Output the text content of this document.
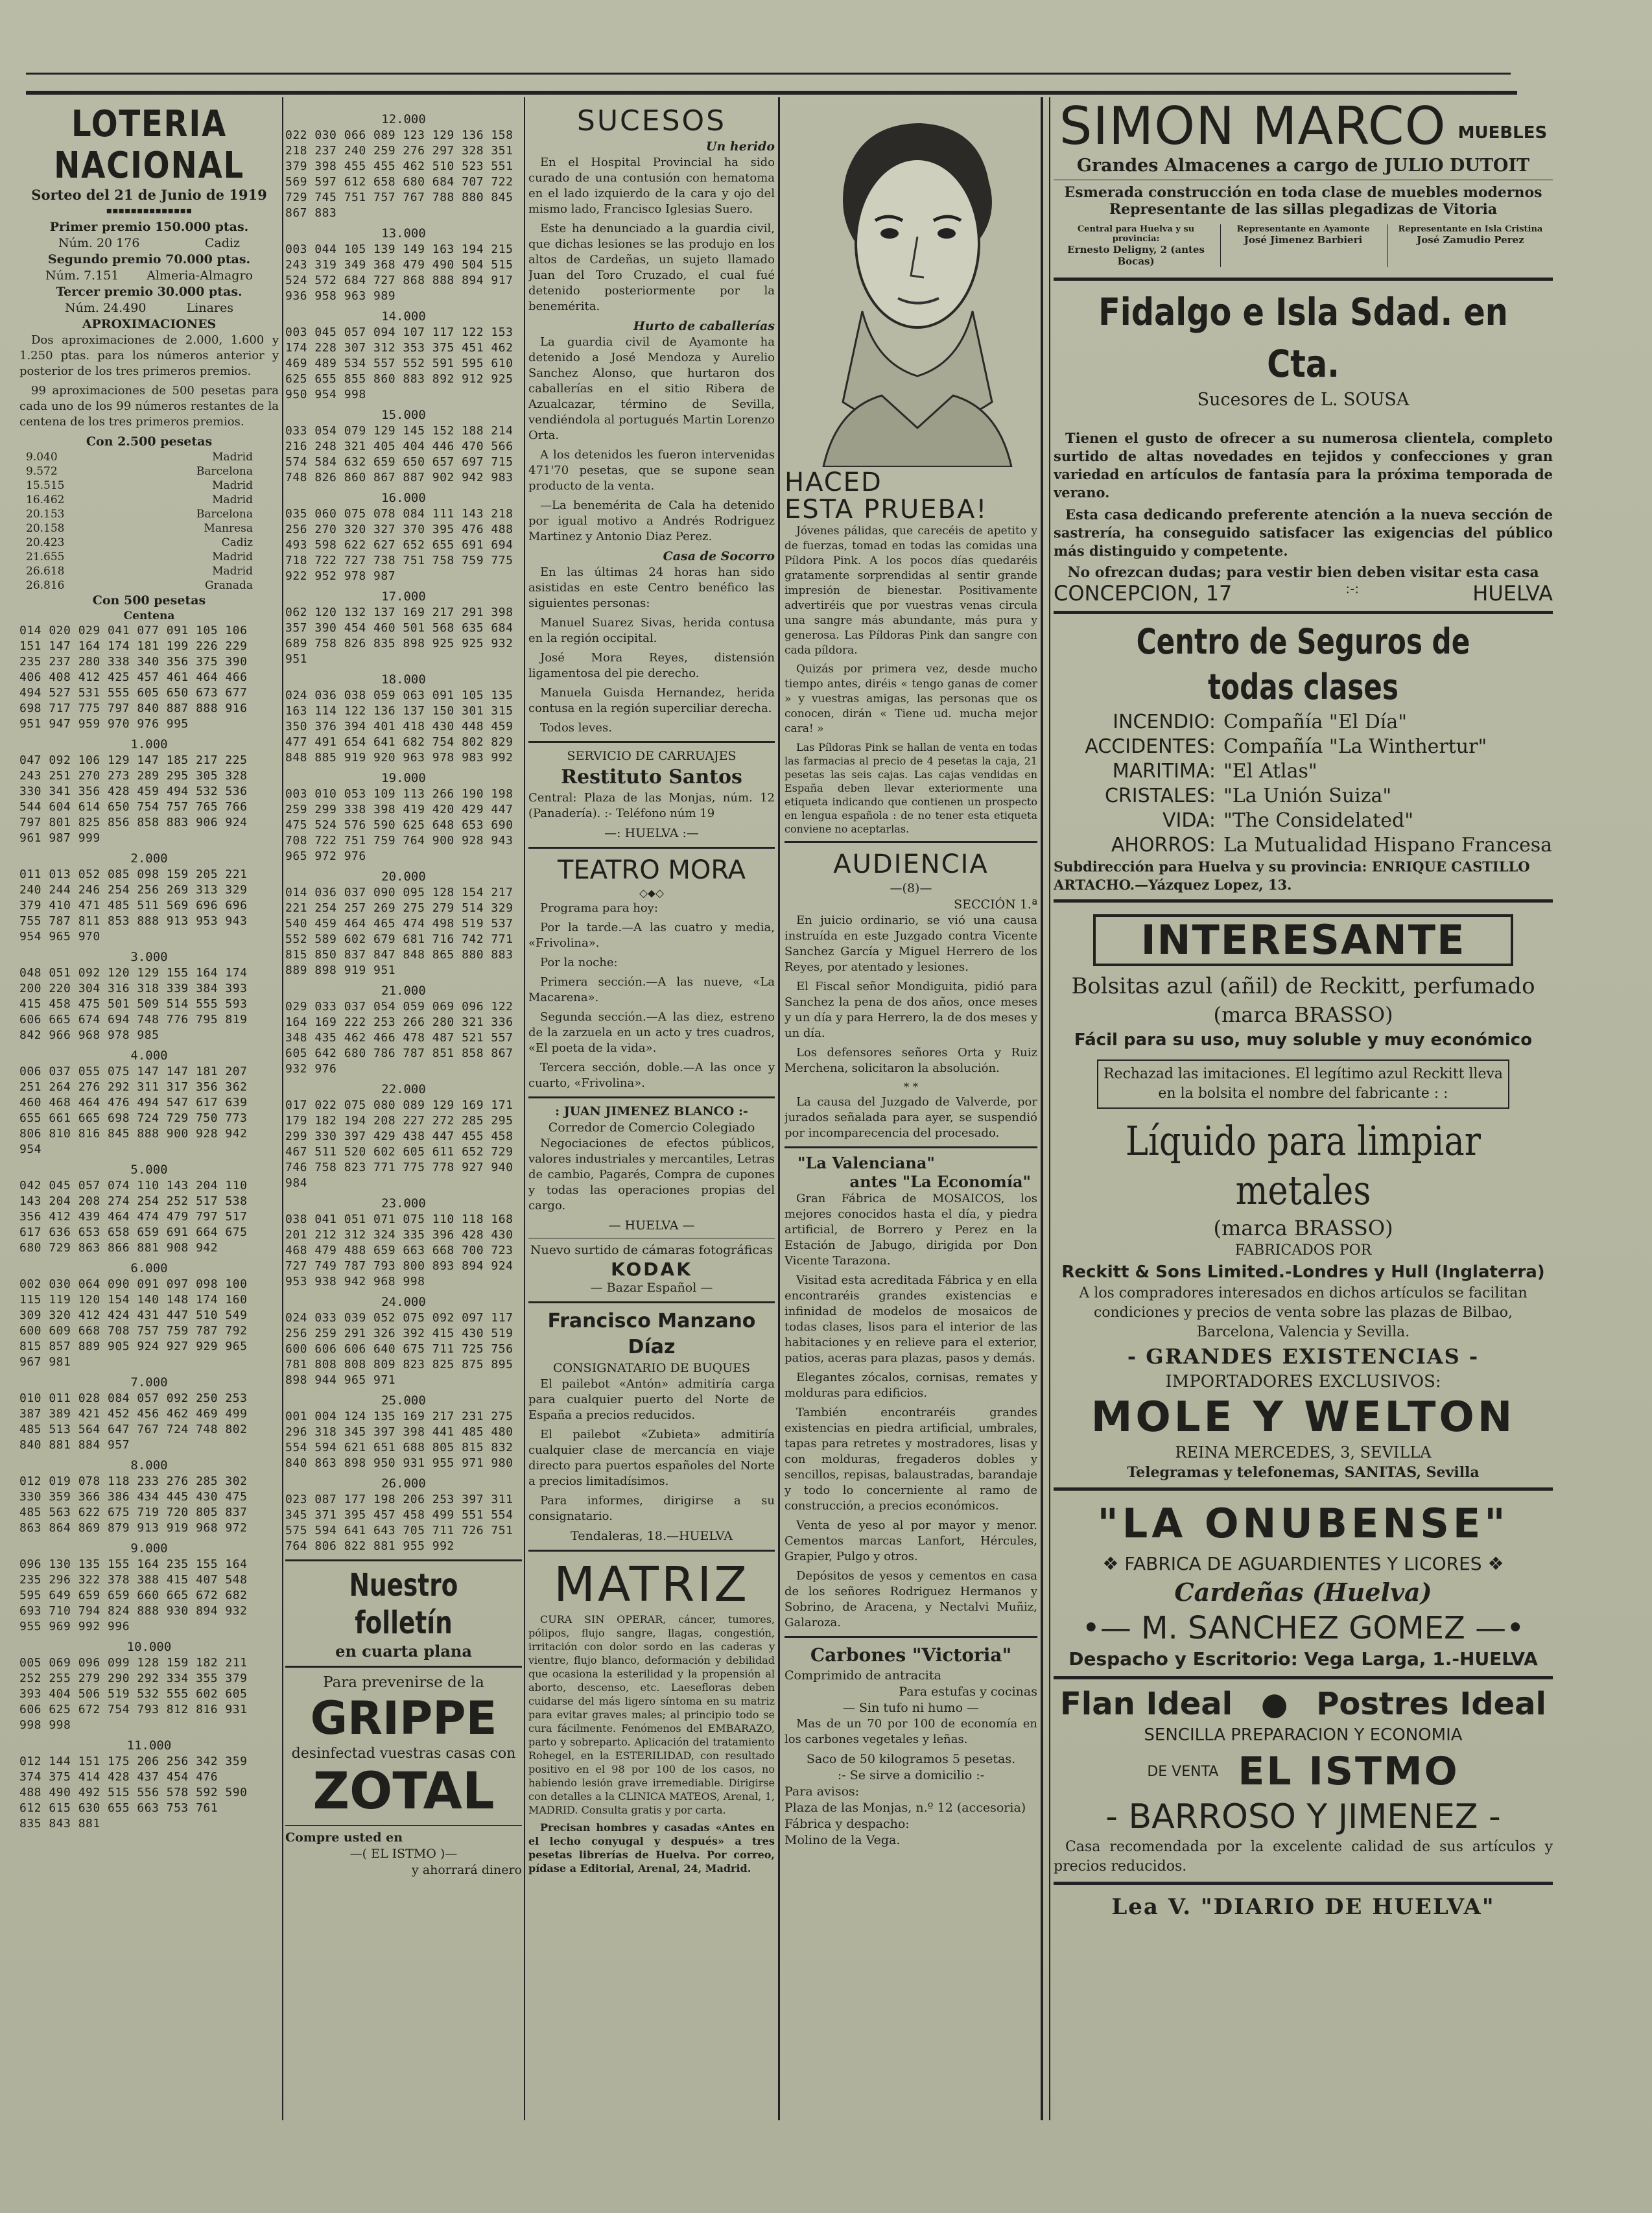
LOTERIA NACIONAL
Sorteo del 21 de Junio de 1919
▪▪▪▪▪▪▪▪▪▪▪▪▪▪
Primer premio 150.000 ptas.
Núm. 20 176	Cadiz
Segundo premio 70.000 ptas.
Núm. 7.151 Almeria-Almagro
Tercer premio 30.000 ptas.
Núm. 24.490	Linares
APROXIMACIONES
Dos aproximaciones de 2.000, 1.600 y 1.250 ptas. para los números anterior y posterior de los tres primeros premios.
99 aproximaciones de 500 pesetas para cada uno de los 99 números restantes de la centena de los tres primeros premios.
Con 2.500 pesetas
9.040	Madrid
9.572	Barcelona
15.515	Madrid
16.462	Madrid
20.153	Barcelona
20.158	Manresa
20.423	Cadiz
21.655	Madrid
26.618	Madrid
26.816	Granada
Con 500 pesetas
Centena
014 020 029 041 077 091 105 106
151 147 164 174 181 199 226 229
235 237 280 338 340 356 375 390
406 408 412 425 457 461 464 466
494 527 531 555 605 650 673 677
698 717 775 797 840 887 888 916
951 947 959 970 976 995
1.000
047 092 106 129 147 185 217 225
243 251 270 273 289 295 305 328
330 341 356 428 459 494 532 536
544 604 614 650 754 757 765 766
797 801 825 856 858 883 906 924
961 987 999
2.000
011 013 052 085 098 159 205 221
240 244 246 254 256 269 313 329
379 410 471 485 511 569 696 696
755 787 811 853 888 913 953 943
954 965 970
3.000
048 051 092 120 129 155 164 174
200 220 304 316 318 339 384 393
415 458 475 501 509 514 555 593
606 665 674 694 748 776 795 819
842 966 968 978 985
4.000
006 037 055 075 147 147 181 207
251 264 276 292 311 317 356 362
460 468 464 476 494 547 617 639
655 661 665 698 724 729 750 773
806 810 816 845 888 900 928 942
954
5.000
042 045 057 074 110 143 204 110
143 204 208 274 254 252 517 538
356 412 439 464 474 479 797 517
617 636 653 658 659 691 664 675
680 729 863 866 881 908 942
6.000
002 030 064 090 091 097 098 100
115 119 120 154 140 148 174 160
309 320 412 424 431 447 510 549
600 609 668 708 757 759 787 792
815 857 889 905 924 927 929 965
967 981
7.000
010 011 028 084 057 092 250 253
387 389 421 452 456 462 469 499
485 513 564 647 767 724 748 802
840 881 884 957
8.000
012 019 078 118 233 276 285 302
330 359 366 386 434 445 430 475
485 563 622 675 719 720 805 837
863 864 869 879 913 919 968 972
9.000
096 130 135 155 164 235 155 164
235 296 322 378 388 415 407 548
595 649 659 659 660 665 672 682
693 710 794 824 888 930 894 932
955 969 992 996
10.000
005 069 096 099 128 159 182 211
252 255 279 290 292 334 355 379
393 404 506 519 532 555 602 605
606 625 672 754 793 812 816 931
998 998
11.000
012 144 151 175 206 256 342 359
374 375 414 428 437 454 476
488 490 492 515 556 578 592 590
612 615 630 655 663 753 761
835 843 881
12.000
022 030 066 089 123 129 136 158
218 237 240 259 276 297 328 351
379 398 455 455 462 510 523 551
569 597 612 658 680 684 707 722
729 745 751 757 767 788 880 845
867 883
13.000
003 044 105 139 149 163 194 215
243 319 349 368 479 490 504 515
524 572 684 727 868 888 894 917
936 958 963 989
14.000
003 045 057 094 107 117 122 153
174 228 307 312 353 375 451 462
469 489 534 557 552 591 595 610
625 655 855 860 883 892 912 925
950 954 998
15.000
033 054 079 129 145 152 188 214
216 248 321 405 404 446 470 566
574 584 632 659 650 657 697 715
748 826 860 867 887 902 942 983
16.000
035 060 075 078 084 111 143 218
256 270 320 327 370 395 476 488
493 598 622 627 652 655 691 694
718 722 727 738 751 758 759 775
922 952 978 987
17.000
062 120 132 137 169 217 291 398
357 390 454 460 501 568 635 684
689 758 826 835 898 925 925 932
951
18.000
024 036 038 059 063 091 105 135
163 114 122 136 137 150 301 315
350 376 394 401 418 430 448 459
477 491 654 641 682 754 802 829
848 885 919 920 963 978 983 992
19.000
003 010 053 109 113 266 190 198
259 299 338 398 419 420 429 447
475 524 576 590 625 648 653 690
708 722 751 759 764 900 928 943
965 972 976
20.000
014 036 037 090 095 128 154 217
221 254 257 269 275 279 514 329
540 459 464 465 474 498 519 537
552 589 602 679 681 716 742 771
815 850 837 847 848 865 880 883
889 898 919 951
21.000
029 033 037 054 059 069 096 122
164 169 222 253 266 280 321 336
348 435 462 466 478 487 521 557
605 642 680 786 787 851 858 867
932 976
22.000
017 022 075 080 089 129 169 171
179 182 194 208 227 272 285 295
299 330 397 429 438 447 455 458
467 511 520 602 605 611 652 729
746 758 823 771 775 778 927 940
984
23.000
038 041 051 071 075 110 118 168
201 212 312 324 335 396 428 430
468 479 488 659 663 668 700 723
727 749 787 793 800 893 894 924
953 938 942 968 998
24.000
024 033 039 052 075 092 097 117
256 259 291 326 392 415 430 519
600 606 606 640 675 711 725 756
781 808 808 809 823 825 875 895
898 944 965 971
25.000
001 004 124 135 169 217 231 275
296 318 345 397 398 441 485 480
554 594 621 651 688 805 815 832
840 863 898 950 931 955 971 980
26.000
023 087 177 198 206 253 397 311
345 371 395 457 458 499 551 554
575 594 641 643 705 711 726 751
764 806 822 881 955 992
Nuestro folletín
en cuarta plana
Para prevenirse de la
GRIPPE
desinfectad vuestras casas con
ZOTAL
Compre usted en
—( EL ISTMO )—
y ahorrará dinero
SUCESOS
Un herido
En el Hospital Provincial ha sido curado de una contusión con hematoma en el lado izquierdo de la cara y ojo del mismo lado, Francisco Iglesias Suero.
Este ha denunciado a la guardia civil, que dichas lesiones se las produjo en los altos de Cardeñas, un sujeto llamado Juan del Toro Cruzado, el cual fué detenido posteriormente por la benemérita.
Hurto de caballerías
La guardia civil de Ayamonte ha detenido a José Mendoza y Aurelio Sanchez Alonso, que hurtaron dos caballerías en el sitio Ribera de Azualcazar, término de Sevilla, vendiéndola al portugués Martin Lorenzo Orta.
A los detenidos les fueron intervenidas 471'70 pesetas, que se supone sean producto de la venta.
—La benemérita de Cala ha detenido por igual motivo a Andrés Rodriguez Martinez y Antonio Diaz Perez.
Casa de Socorro
En las últimas 24 horas han sido asistidas en este Centro benéfico las siguientes personas:
Manuel Suarez Sivas, herida contusa en la región occipital.
José Mora Reyes, distensión ligamentosa del pie derecho.
Manuela Guisda Hernandez, herida contusa en la región superciliar derecha.
Todos leves.
SERVICIO DE CARRUAJES
Restituto Santos
Central: Plaza de las Monjas, núm. 12 (Panadería). :- Teléfono núm 19
—: HUELVA :—
TEATRO MORA
◇⬥◇
Programa para hoy:
Por la tarde.—A las cuatro y media, «Frivolina».
Por la noche:
Primera sección.—A las nueve, «La Macarena».
Segunda sección.—A las diez, estreno de la zarzuela en un acto y tres cuadros, «El poeta de la vida».
Tercera sección, doble.—A las once y cuarto, «Frivolina».
: JUAN JIMENEZ BLANCO :-
Corredor de Comercio Colegiado
Negociaciones de efectos públicos, valores industriales y mercantiles, Letras de cambio, Pagarés, Compra de cupones y todas las operaciones propias del cargo.
— HUELVA —
Nuevo surtido de cámaras fotográficas
KODAK
— Bazar Español —
Francisco Manzano Díaz
CONSIGNATARIO DE BUQUES
El pailebot «Antón» admitiría carga para cualquier puerto del Norte de España a precios reducidos.
El pailebot «Zubieta» admitiría cualquier clase de mercancía en viaje directo para puertos españoles del Norte a precios limitadísimos.
Para informes, dirigirse a su consignatario.
Tendaleras, 18.—HUELVA
MATRIZ
CURA SIN OPERAR, cáncer, tumores, pólipos, flujo sangre, llagas, congestión, irritación con dolor sordo en las caderas y vientre, flujo blanco, deformación y debilidad que ocasiona la esterilidad y la propensión al aborto, descenso, etc. Laesefloras deben cuidarse del más ligero síntoma en su matriz para evitar graves males; al principio todo se cura fácilmente. Fenómenos del EMBARAZO, parto y sobreparto. Aplicación del tratamiento Rohegel, en la ESTERILIDAD, con resultado positivo en el 98 por 100 de los casos, no habiendo lesión grave irremediable. Dirigirse con detalles a la CLINICA MATEOS, Arenal, 1, MADRID. Consulta gratis y por carta.
Precisan hombres y casadas «Antes en el lecho conyugal y después» a tres pesetas librerías de Huelva. Por correo, pídase a Editorial, Arenal, 24, Madrid.
HACED
ESTA PRUEBA!
Jóvenes pálidas, que carecéis de apetito y de fuerzas, tomad en todas las comidas una Píldora Pink. A los pocos días quedaréis gratamente sorprendidas al sentir grande impresión de bienestar. Positivamente advertiréis que por vuestras venas circula una sangre más abundante, más pura y generosa. Las Píldoras Pink dan sangre con cada píldora.
Quizás por primera vez, desde mucho tiempo antes, diréis « tengo ganas de comer » y vuestras amigas, las personas que os conocen, dirán « Tiene ud. mucha mejor cara! »
Las Píldoras Pink se hallan de venta en todas las farmacias al precio de 4 pesetas la caja, 21 pesetas las seis cajas. Las cajas vendidas en España deben llevar exteriormente una etiqueta indicando que contienen un prospecto en lengua española : de no tener esta etiqueta conviene no aceptarlas.
AUDIENCIA
—(8)—
SECCIÓN 1.ª
En juicio ordinario, se vió una causa instruída en este Juzgado contra Vicente Sanchez García y Miguel Herrero de los Reyes, por atentado y lesiones.
El Fiscal señor Mondiguita, pidió para Sanchez la pena de dos años, once meses y un día y para Herrero, la de dos meses y un día.
Los defensores señores Orta y Ruiz Merchena, solicitaron la absolución.
* *
La causa del Juzgado de Valverde, por jurados señalada para ayer, se suspendió por incomparecencia del procesado.
"La Valenciana"
antes "La Economía"
Gran Fábrica de MOSAICOS, los mejores conocidos hasta el día, y piedra artificial, de Borrero y Perez en la Estación de Jabugo, dirigida por Don Vicente Tarazona.
Visitad esta acreditada Fábrica y en ella encontraréis grandes existencias e infinidad de modelos de mosaicos de todas clases, lisos para el interior de las habitaciones y en relieve para el exterior, patios, aceras para plazas, pasos y demás.
Elegantes zócalos, cornisas, remates y molduras para edificios.
También encontraréis grandes existencias en piedra artificial, umbrales, tapas para retretes y mostradores, lisas y con molduras, fregaderos dobles y sencillos, repisas, balaustradas, barandaje y todo lo concerniente al ramo de construcción, a precios económicos.
Venta de yeso al por mayor y menor. Cementos marcas Lanfort, Hércules, Grapier, Pulgo y otros.
Depósitos de yesos y cementos en casa de los señores Rodriguez Hermanos y Sobrino, de Aracena, y Nectalvi Muñiz, Galaroza.
Carbones "Victoria"
Comprimido de antracita
Para estufas y cocinas
— Sin tufo ni humo —
Mas de un 70 por 100 de economía en los carbones vegetales y leñas.
Saco de 50 kilogramos 5 pesetas.
:- Se sirve a domicilio :-
Para avisos:
Plaza de las Monjas, n.º 12 (accesoria)
Fábrica y despacho:
Molino de la Vega.
SIMON MARCO MUEBLES
Grandes Almacenes a cargo de JULIO DUTOIT
Esmerada construcción en toda clase de muebles modernos
Representante de las sillas plegadizas de Vitoria
Central para Huelva y su provincia:
Ernesto Deligny, 2 (antes Bocas)
Representante en Ayamonte
José Jimenez Barbieri
Representante en Isla Cristina
José Zamudio Perez
Fidalgo e Isla Sdad. en Cta.
Sucesores de L. SOUSA
Tienen el gusto de ofrecer a su numerosa clientela, completo surtido de altas novedades en tejidos y confecciones y gran variedad en artículos de fantasía para la próxima temporada de verano.
Esta casa dedicando preferente atención a la nueva sección de sastrería, ha conseguido satisfacer las exigencias del público más distinguido y competente.
No ofrezcan dudas; para vestir bien deben visitar esta casa
CONCEPCION, 17	:-:	HUELVA
Centro de Seguros de todas clases
INCENDIO: Compañía "El Día"
ACCIDENTES: Compañía "La Winthertur"
MARITIMA: "El Atlas"
CRISTALES: "La Unión Suiza"
VIDA: "The Considelated"
AHORROS: La Mutualidad Hispano Francesa
Subdirección para Huelva y su provincia: ENRIQUE CASTILLO ARTACHO.—Yázquez Lopez, 13.
INTERESANTE
Bolsitas azul (añil) de Reckitt, perfumado
(marca BRASSO)
Fácil para su uso, muy soluble y muy económico
Rechazad las imitaciones. El legítimo azul Reckitt lleva en la bolsita el nombre del fabricante : :
Líquido para limpiar metales
(marca BRASSO)
FABRICADOS POR
Reckitt & Sons Limited.-Londres y Hull (Inglaterra)
A los compradores interesados en dichos artículos se facilitan condiciones y precios de venta sobre las plazas de Bilbao, Barcelona, Valencia y Sevilla.
- GRANDES EXISTENCIAS -
IMPORTADORES EXCLUSIVOS:
MOLE Y WELTON
REINA MERCEDES, 3, SEVILLA
Telegramas y telefonemas, SANITAS, Sevilla
"LA ONUBENSE"
❖ FABRICA DE AGUARDIENTES Y LICORES ❖
Cardeñas (Huelva)
•— M. SANCHEZ GOMEZ —•
Despacho y Escritorio: Vega Larga, 1.-HUELVA
Flan Ideal ● Postres Ideal
SENCILLA PREPARACION Y ECONOMIA
DE VENTA EL ISTMO
- BARROSO Y JIMENEZ -
Casa recomendada por la excelente calidad de sus artículos y precios reducidos.
Lea V. "DIARIO DE HUELVA"
